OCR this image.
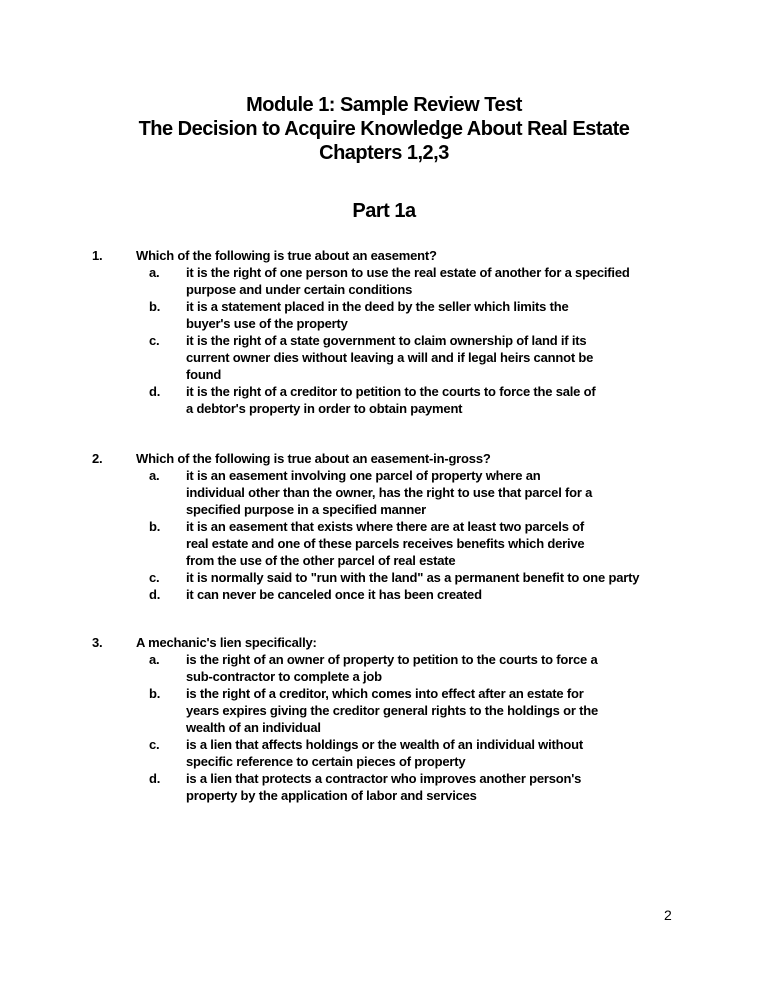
Module 1: Sample Review Test
The Decision to Acquire Knowledge About Real Estate
Chapters 1,2,3
Part 1a
1.	Which of the following is true about an easement?
a. it is the right of one person to use the real estate of another for a specified
purpose and under certain conditions
b. it is a statement placed in the deed by the seller which limits the
buyer's use of the property
c. it is the right of a state government to claim ownership of land if its
current owner dies without leaving a will and if legal heirs cannot be
found
d. it is the right of a creditor to petition to the courts to force the sale of
a debtor's property in order to obtain payment
2.	Which of the following is true about an easement-in-gross?
a. it is an easement involving one parcel of property where an
individual other than the owner, has the right to use that parcel for a
specified purpose in a specified manner
b. it is an easement that exists where there are at least two parcels of
real estate and one of these parcels receives benefits which derive
from the use of the other parcel of real estate
c. it is normally said to "run with the land" as a permanent benefit to one party
d. it can never be canceled once it has been created
3.	A mechanic's lien specifically:
a. is the right of an owner of property to petition to the courts to force a
sub-contractor to complete a job
b. is the right of a creditor, which comes into effect after an estate for
years expires giving the creditor general rights to the holdings or the
wealth of an individual
c. is a lien that affects holdings or the wealth of an individual without
specific reference to certain pieces of property
d. is a lien that protects a contractor who improves another person's
property by the application of labor and services
2
